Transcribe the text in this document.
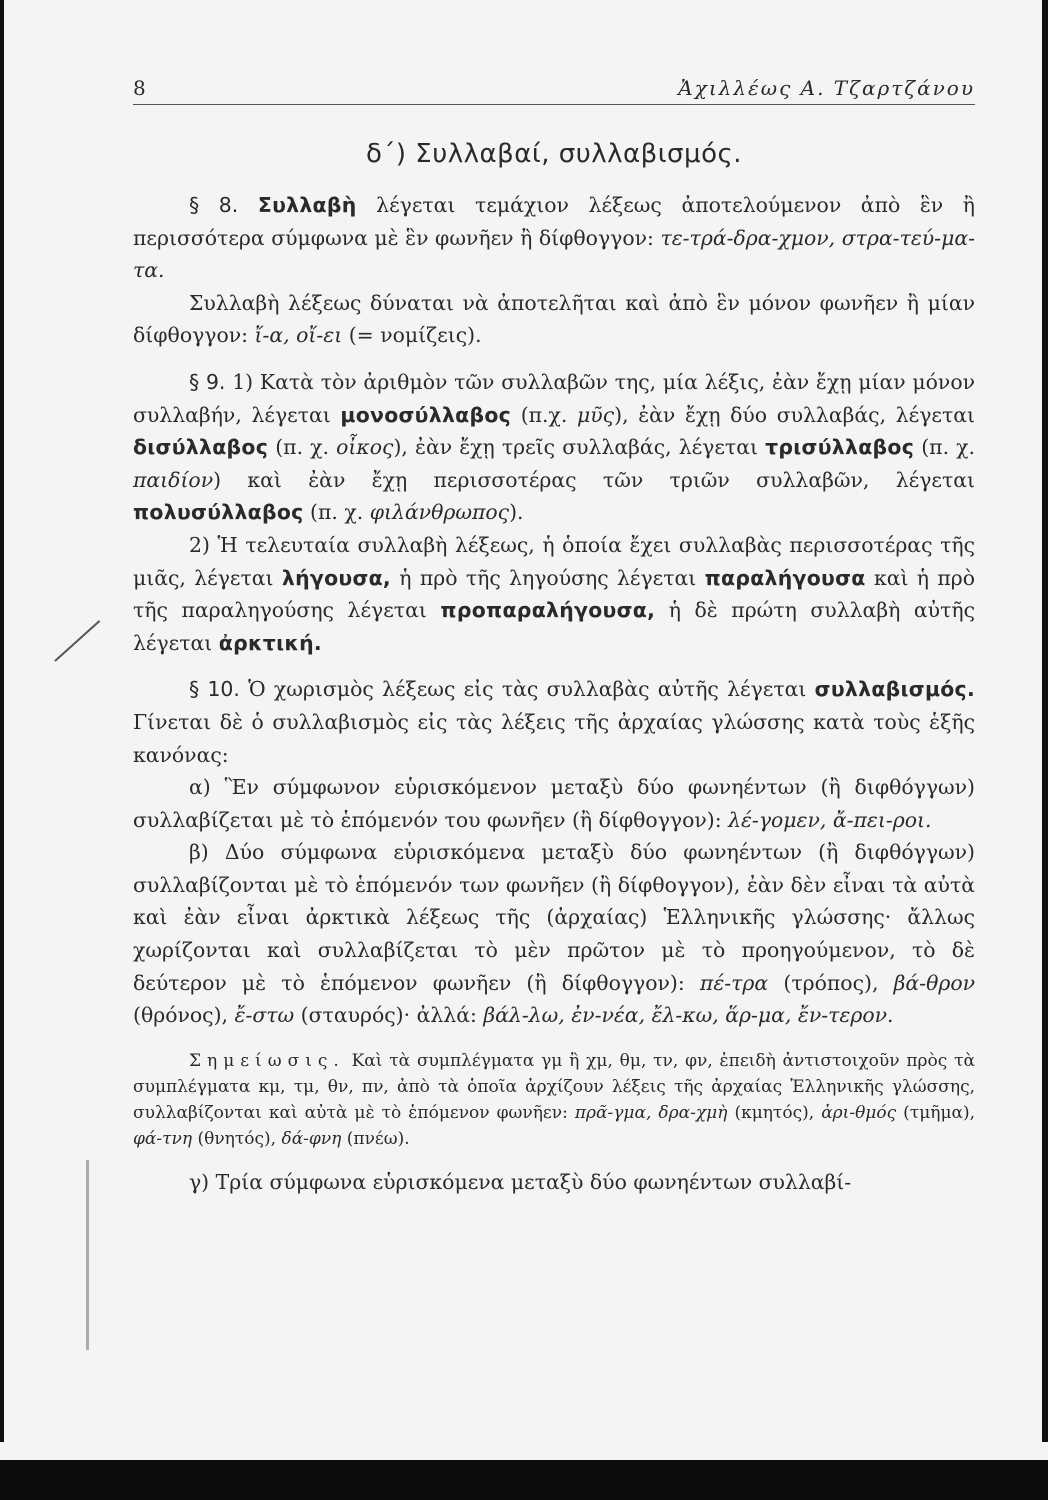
8	Ἀχιλλέως Α. Τζαρτζάνου
δ΄) Συλλαβαί, συλλαβισμός.

§ 8. Συλλαβὴ λέγεται τεμάχιον λέξεως ἀποτελούμενον ἀπὸ ἓν ἢ περισσότερα σύμφωνα μὲ ἓν φωνῆεν ἢ δίφθογγον: τε-τρά-δρα-χμον, στρα-τεύ-μα-τα.

Συλλαβὴ λέξεως δύναται νὰ ἀποτελῆται καὶ ἀπὸ ἓν μόνον φωνῆεν ἢ μίαν δίφθογγον: ἴ-α, οἴ-ει (= νομίζεις).

§ 9. 1) Κατὰ τὸν ἀριθμὸν τῶν συλλαβῶν της, μία λέξις, ἐὰν ἔχῃ μίαν μόνον συλλαβήν, λέγεται μονοσύλλαβος (π.χ. μῦς), ἐὰν ἔχῃ δύο συλλαβάς, λέγεται δισύλλαβος (π. χ. οἶκος), ἐὰν ἔχῃ τρεῖς συλλαβάς, λέγεται τρισύλλαβος (π. χ. παιδίον) καὶ ἐὰν ἔχῃ περισσοτέρας τῶν τριῶν συλλαβῶν, λέγεται πολυσύλλαβος (π. χ. φιλάνθρωπος).

2) Ἡ τελευταία συλλαβὴ λέξεως, ἡ ὁποία ἔχει συλλαβὰς περισσοτέρας τῆς μιᾶς, λέγεται λήγουσα, ἡ πρὸ τῆς ληγούσης λέγεται παραλήγουσα καὶ ἡ πρὸ τῆς παραληγούσης λέγεται προπαραλήγουσα, ἡ δὲ πρώτη συλλαβὴ αὐτῆς λέγεται ἀρκτική.

§ 10. Ὁ χωρισμὸς λέξεως εἰς τὰς συλλαβὰς αὐτῆς λέγεται συλλαβισμός. Γίνεται δὲ ὁ συλλαβισμὸς εἰς τὰς λέξεις τῆς ἀρχαίας γλώσσης κατὰ τοὺς ἑξῆς κανόνας:

α) Ἓν σύμφωνον εὑρισκόμενον μεταξὺ δύο φωνηέντων (ἢ διφθόγγων) συλλαβίζεται μὲ τὸ ἑπόμενόν του φωνῆεν (ἢ δίφθογγον): λέ-γομεν, ἄ-πει-ροι.

β) Δύο σύμφωνα εὑρισκόμενα μεταξὺ δύο φωνηέντων (ἢ διφθόγγων) συλλαβίζονται μὲ τὸ ἑπόμενόν των φωνῆεν (ἢ δίφθογγον), ἐὰν δὲν εἶναι τὰ αὐτὰ καὶ ἐὰν εἶναι ἀρκτικὰ λέξεως τῆς (ἀρχαίας) Ἑλληνικῆς γλώσσης· ἄλλως χωρίζονται καὶ συλλαβίζεται τὸ μὲν πρῶτον μὲ τὸ προηγούμενον, τὸ δὲ δεύτερον μὲ τὸ ἑπόμενον φωνῆεν (ἢ δίφθογγον): πέ-τρα (τρόπος), βά-θρον (θρόνος), ἔ-στω (σταυρός)· ἀλλά: βάλ-λω, ἐν-νέα, ἔλ-κω, ἅρ-μα, ἔν-τερον.

Σημείωσις. Καὶ τὰ συμπλέγματα γμ ἢ χμ, θμ, τν, φν, ἐπειδὴ ἀντιστοιχοῦν πρὸς τὰ συμπλέγματα κμ, τμ, θν, πν, ἀπὸ τὰ ὁποῖα ἀρχίζουν λέξεις τῆς ἀρχαίας Ἑλληνικῆς γλώσσης, συλλαβίζονται καὶ αὐτὰ μὲ τὸ ἑπόμενον φωνῆεν: πρᾶ-γμα, δρα-χμὴ (κμητός), ἀρι-θμός (τμῆμα), φά-τνη (θνητός), δά-φνη (πνέω).

γ) Τρία σύμφωνα εὑρισκόμενα μεταξὺ δύο φωνηέντων συλλαβί-
